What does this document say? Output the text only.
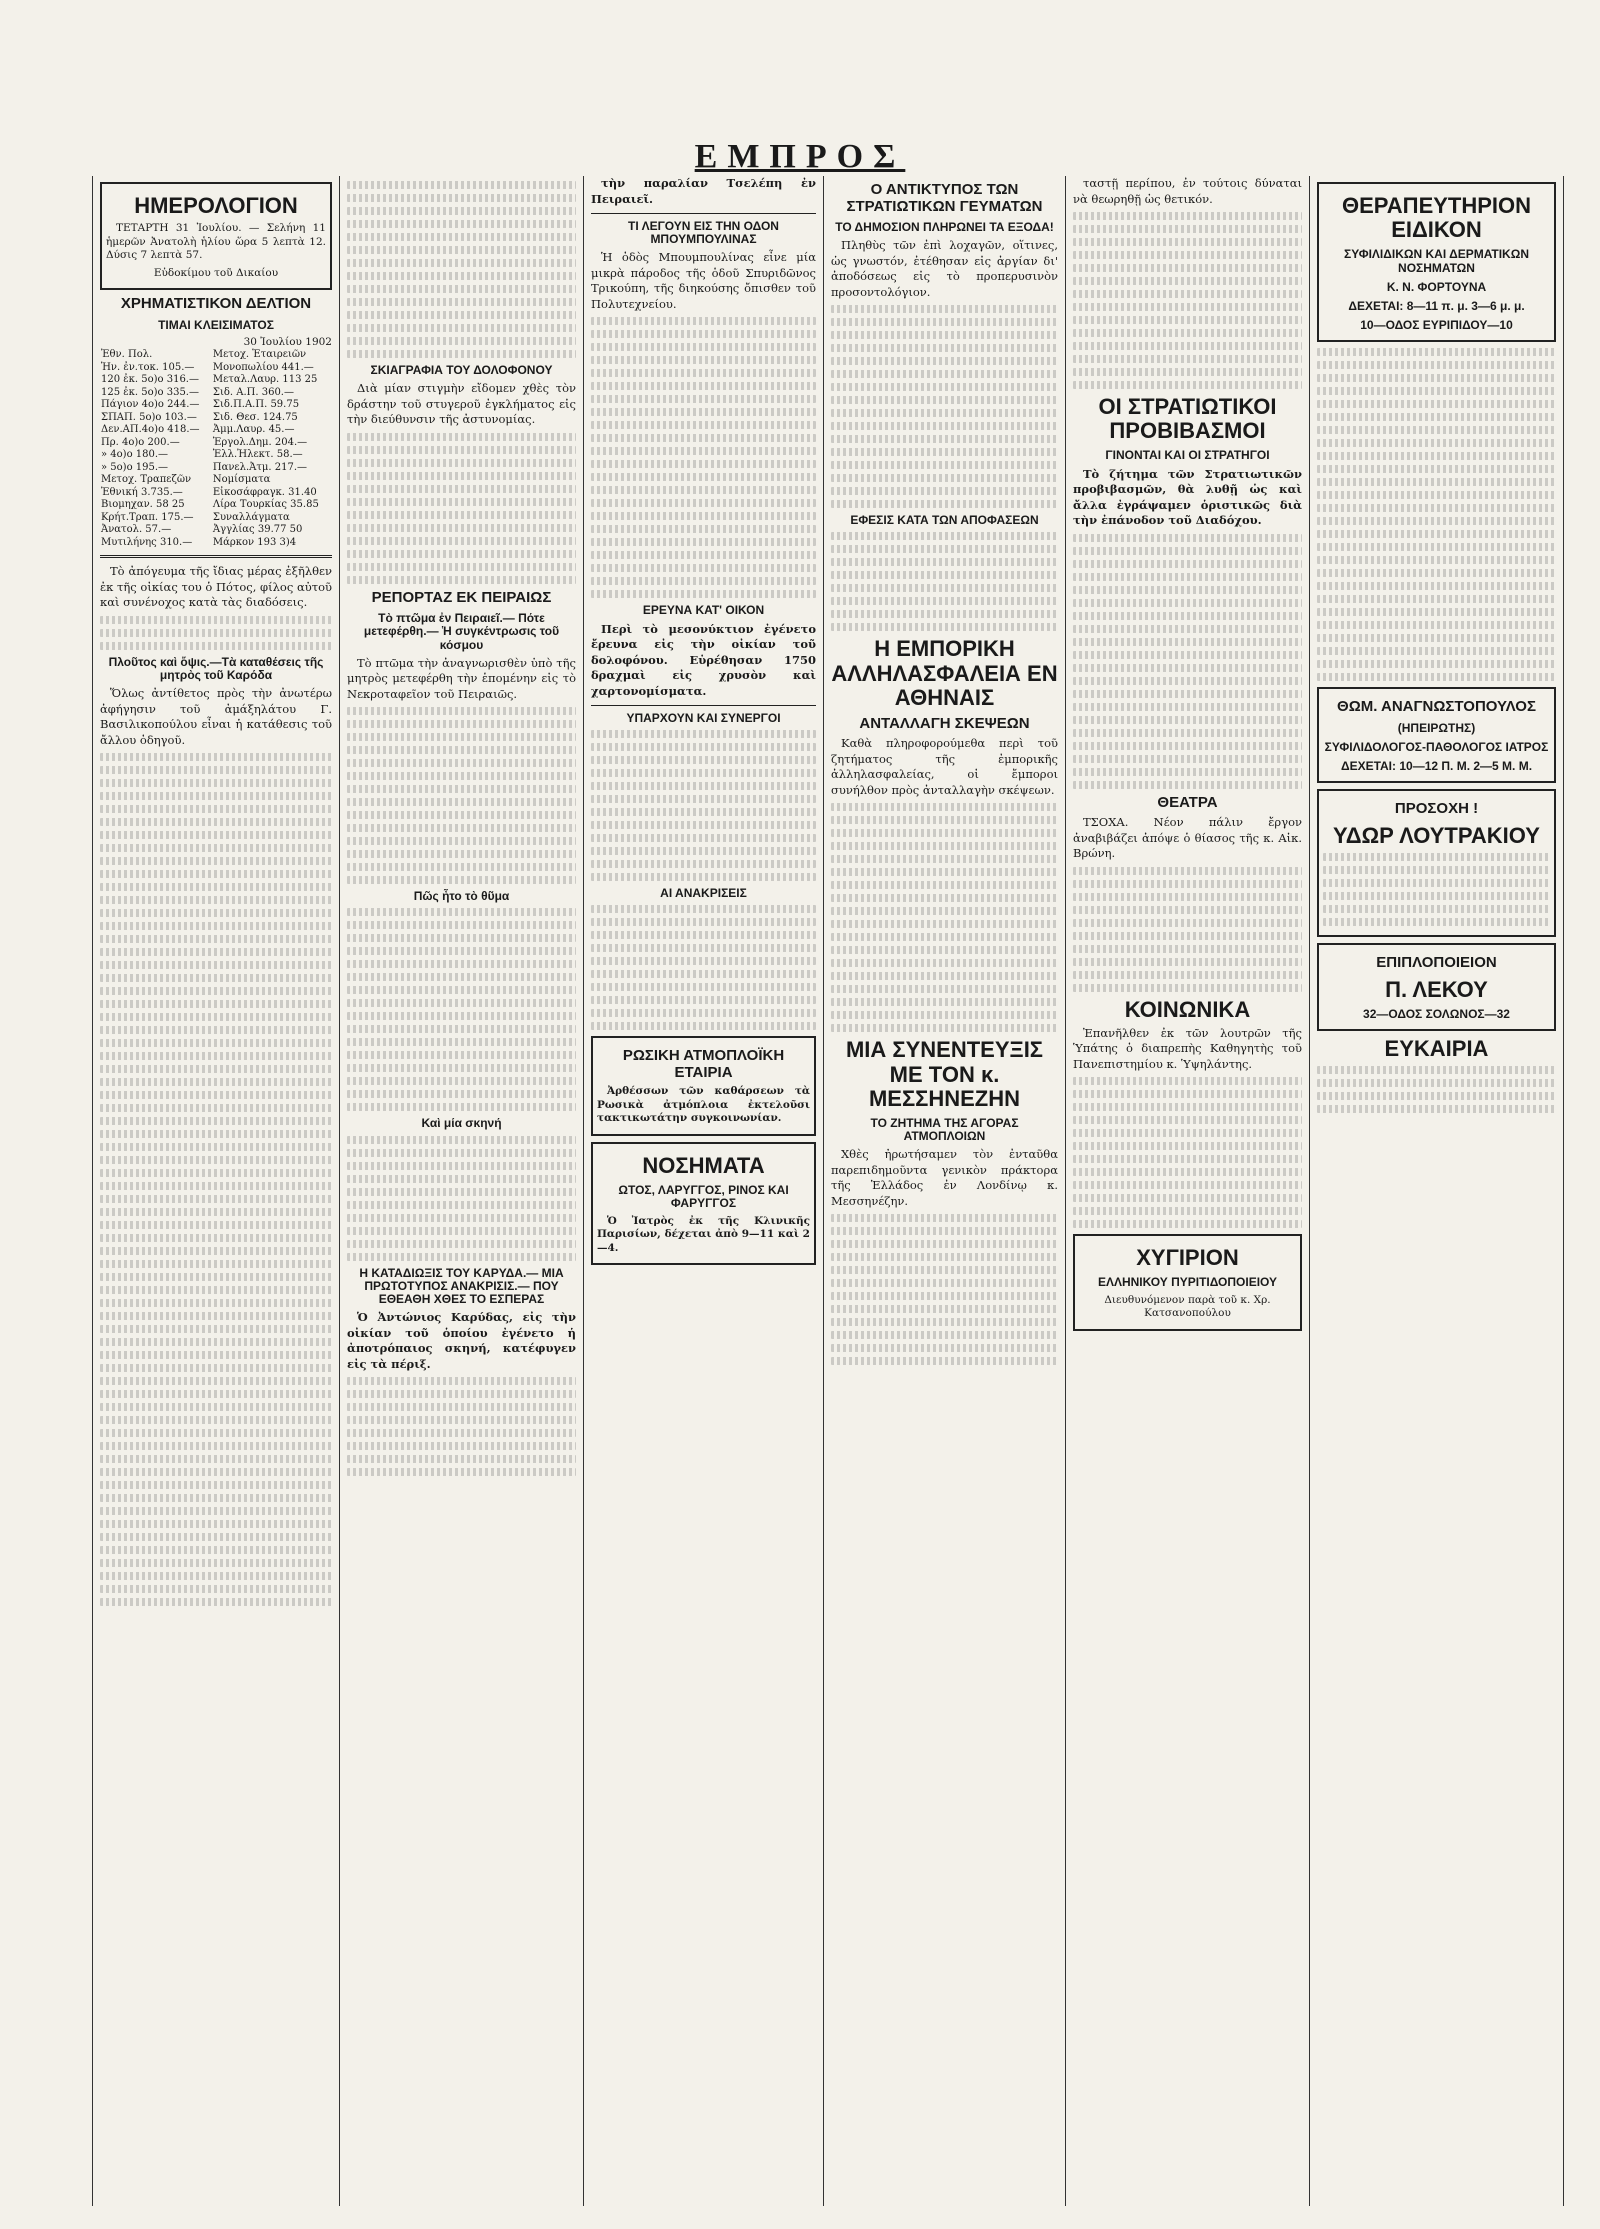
ΕΜΠΡΟΣ
ΗΜΕΡΟΛΟΓΙΟΝ

ΤΕΤΑΡΤΗ 31 Ἰουλίου. — Σελήνη 11 ἡμερῶν Ἀνατολὴ ἡλίου ὥρα 5 λεπτὰ 12. Δύσις 7 λεπτὰ 57.

Εὐδοκίμου τοῦ Δικαίου

ΧΡΗΜΑΤΙΣΤΙΚΟΝ ΔΕΛΤΙΟΝ
ΤΙΜΑΙ ΚΛΕΙΣΙΜΑΤΟΣ
30 Ἰουλίου 1902
Ἐθν. Πολ.	Μετοχ. Ἑταιρειῶν
Ἡν. ἐν.τοκ. 105.—	Μονοπωλίου 441.—
120 ἐκ. 5ο)ο 316.—	Μεταλ.Λαυρ. 113 25
125 ἐκ. 5ο)ο 335.—	Σιδ. Α.Π. 360.—
Πάγιον 4ο)ο 244.—	Σιδ.Π.Α.Π. 59.75
ΣΠΑΠ. 5ο)ο 103.—	Σιδ. Θεσ. 124.75
Δεν.ΑΠ.4ο)ο 418.—	Ἀμμ.Λαυρ. 45.—
Πρ. 4ο)ο 200.—	Ἐργολ.Δημ. 204.—
» 4ο)ο 180.—	Ἑλλ.Ἠλεκτ. 58.—
» 5ο)ο 195.—	Πανελ.Ἀτμ. 217.—
Μετοχ. Τραπεζῶν	Νομίσματα
Ἐθνική 3.735.—	Εἰκοσάφραγκ. 31.40
Βιομηχαν. 58 25	Λίρα Τουρκίας 35.85
Κρήτ.Τραπ. 175.—	Συναλλάγματα
Ἀνατολ. 57.—	Ἀγγλίας 39.77 50
Μυτιλήνης 310.—	Μάρκον 193 3)4

Τὸ ἀπόγευμα τῆς ἴδιας μέρας ἐξῆλθεν ἐκ τῆς οἰκίας του ὁ Πότος, φίλος αὐτοῦ καὶ συνένοχος κατὰ τὰς διαδόσεις.

Πλοῦτος καὶ ὄψις.—Τὰ καταθέσεις τῆς μητρὸς τοῦ Καρόδα

Ὅλως ἀντίθετος πρὸς τὴν ἀνωτέρω ἀφήγησιν τοῦ ἀμάξηλάτου Γ. Βασιλικοπούλου εἶναι ἡ κατάθεσις τοῦ ἄλλου ὁδηγοῦ.

ΣΚΙΑΓΡΑΦΙΑ ΤΟΥ ΔΟΛΟΦΟΝΟΥ

Διὰ μίαν στιγμὴν εἴδομεν χθὲς τὸν δράστην τοῦ στυγεροῦ ἐγκλήματος εἰς τὴν διεύθυνσιν τῆς ἀστυνομίας.

ΡΕΠΟΡΤΑΖ ΕΚ ΠΕΙΡΑΙΩΣ
Τὸ πτῶμα ἐν Πειραιεῖ.— Πότε μετεφέρθη.— Ἡ συγκέντρωσις τοῦ κόσμου

Τὸ πτῶμα τὴν ἀναγνωρισθὲν ὑπὸ τῆς μητρὸς μετεφέρθη τὴν ἑπομένην εἰς τὸ Νεκροταφεῖον τοῦ Πειραιῶς.

Πῶς ἦτο τὸ θῦμα
Καὶ μία σκηνή
Η ΚΑΤΑΔΙΩΞΙΣ ΤΟΥ ΚΑΡΥΔΑ.— ΜΙΑ ΠΡΩΤΟΤΥΠΟΣ ΑΝΑΚΡΙΣΙΣ.— ΠΟΥ ΕΘΕΑΘΗ ΧΘΕΣ ΤΟ ΕΣΠΕΡΑΣ

Ὁ Ἀντώνιος Καρύδας, εἰς τὴν οἰκίαν τοῦ ὁποίου ἐγένετο ἡ ἀποτρόπαιος σκηνή, κατέφυγεν εἰς τὰ πέριξ.

τὴν παραλίαν Τσελέπη ἐν Πειραιεῖ.

ΤΙ ΛΕΓΟΥΝ ΕΙΣ ΤΗΝ ΟΔΟΝ ΜΠΟΥΜΠΟΥΛΙΝΑΣ

Ἡ ὁδὸς Μπουμπουλίνας εἶνε μία μικρὰ πάροδος τῆς ὁδοῦ Σπυριδῶνος Τρικούπη, τῆς διηκούσης ὄπισθεν τοῦ Πολυτεχνείου.

ΕΡΕΥΝΑ ΚΑΤ' ΟΙΚΟΝ

Περὶ τὸ μεσονύκτιον ἐγένετο ἔρευνα εἰς τὴν οἰκίαν τοῦ δολοφόνου. Εὑρέθησαν 1750 δραχμαὶ εἰς χρυσὸν καὶ χαρτονομίσματα.

ΥΠΑΡΧΟΥΝ ΚΑΙ ΣΥΝΕΡΓΟΙ
ΑΙ ΑΝΑΚΡΙΣΕΙΣ
ΡΩΣΙΚΗ ΑΤΜΟΠΛΟΪΚΗ ΕΤΑΙΡΙΑ

Ἀρθέσσων τῶν καθάρσεων τὰ Ρωσικὰ ἀτμόπλοια ἐκτελοῦσι τακτικωτάτην συγκοινωνίαν.

ΝΟΣΗΜΑΤΑ
ΩΤΟΣ, ΛΑΡΥΓΓΟΣ, ΡΙΝΟΣ ΚΑΙ ΦΑΡΥΓΓΟΣ

Ὁ Ἰατρὸς ἐκ τῆς Κλινικῆς Παρισίων, δέχεται ἀπὸ 9—11 καὶ 2—4.

Ο ΑΝΤΙΚΤΥΠΟΣ ΤΩΝ ΣΤΡΑΤΙΩΤΙΚΩΝ ΓΕΥΜΑΤΩΝ
ΤΟ ΔΗΜΟΣΙΟΝ ΠΛΗΡΩΝΕΙ ΤΑ ΕΞΟΔΑ!

Πληθὺς τῶν ἐπὶ λοχαγῶν, οἵτινες, ὡς γνωστόν, ἐτέθησαν εἰς ἀργίαν δι' ἀποδόσεως εἰς τὸ προπερυσινὸν προσοντολόγιον.

ΕΦΕΣΙΣ ΚΑΤΑ ΤΩΝ ΑΠΟΦΑΣΕΩΝ
Η ΕΜΠΟΡΙΚΗ ΑΛΛΗΛΑΣΦΑΛΕΙΑ ΕΝ ΑΘΗΝΑΙΣ
ΑΝΤΑΛΛΑΓΗ ΣΚΕΨΕΩΝ

Καθὰ πληροφορούμεθα περὶ τοῦ ζητήματος τῆς ἐμπορικῆς ἀλληλασφαλείας, οἱ ἔμποροι συνήλθον πρὸς ἀνταλλαγὴν σκέψεων.

ΜΙΑ ΣΥΝΕΝΤΕΥΞΙΣ ΜΕ ΤΟΝ κ. ΜΕΣΣΗΝΕΖΗΝ
ΤΟ ΖΗΤΗΜΑ ΤΗΣ ΑΓΟΡΑΣ ΑΤΜΟΠΛΟΙΩΝ

Χθὲς ἠρωτήσαμεν τὸν ἐνταῦθα παρεπιδημοῦντα γενικὸν πράκτορα τῆς Ἑλλάδος ἐν Λονδίνῳ κ. Μεσσηνέζην.

ταστῇ περίπου, ἐν τούτοις δύναται νὰ θεωρηθῇ ὡς θετικόν.

ΟΙ ΣΤΡΑΤΙΩΤΙΚΟΙ ΠΡΟΒΙΒΑΣΜΟΙ
ΓΙΝΟΝΤΑΙ ΚΑΙ ΟΙ ΣΤΡΑΤΗΓΟΙ

Τὸ ζήτημα τῶν Στρατιωτικῶν προβιβασμῶν, θὰ λυθῇ ὡς καὶ ἄλλα ἐγράψαμεν ὁριστικῶς διὰ τὴν ἐπάνοδον τοῦ Διαδόχου.

ΘΕΑΤΡΑ

ΤΣΟΧΑ. Νέον πάλιν ἔργον ἀναβιβάζει ἀπόψε ὁ θίασος τῆς κ. Αἰκ. Βρώνη.

ΚΟΙΝΩΝΙΚΑ

Ἐπανῆλθεν ἐκ τῶν λουτρῶν τῆς Ὑπάτης ὁ διαπρεπὴς Καθηγητὴς τοῦ Πανεπιστημίου κ. Ὑψηλάντης.

ΧΥΓΙΡΙΟΝ
ΕΛΛΗΝΙΚΟΥ ΠΥΡΙΤΙΔΟΠΟΙΕΙΟΥ

Διευθυνόμενον παρὰ τοῦ κ. Χρ. Κατσανοπούλου

ΘΕΡΑΠΕΥΤΗΡΙΟΝ ΕΙΔΙΚΟΝ
ΣΥΦΙΛΙΔΙΚΩΝ ΚΑΙ ΔΕΡΜΑΤΙΚΩΝ ΝΟΣΗΜΑΤΩΝ
Κ. Ν. ΦΟΡΤΟΥΝΑ
ΔΕΧΕΤΑΙ: 8—11 π. μ. 3—6 μ. μ.
10—ΟΔΟΣ ΕΥΡΙΠΙΔΟΥ—10
ΘΩΜ. ΑΝΑΓΝΩΣΤΟΠΟΥΛΟΣ
(ΗΠΕΙΡΩΤΗΣ)
ΣΥΦΙΛΙΔΟΛΟΓΟΣ-ΠΑΘΟΛΟΓΟΣ ΙΑΤΡΟΣ
ΔΕΧΕΤΑΙ: 10—12 Π. Μ. 2—5 Μ. Μ.
ΠΡΟΣΟΧΗ !
ΥΔΩΡ ΛΟΥΤΡΑΚΙΟΥ
ΕΠΙΠΛΟΠΟΙΕΙΟΝ
Π. ΛΕΚΟΥ
32—ΟΔΟΣ ΣΟΛΩΝΟΣ—32
ΕΥΚΑΙΡΙΑ
